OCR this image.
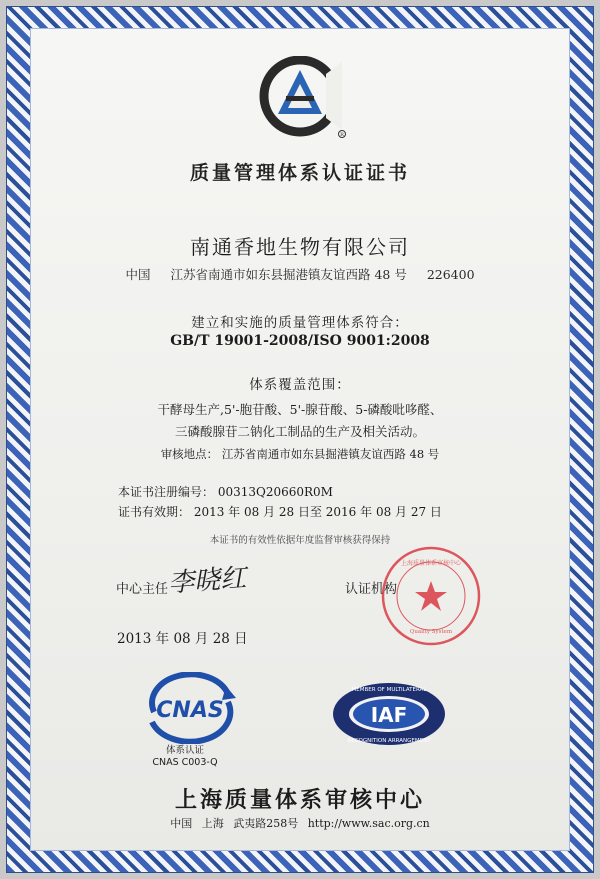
R
质量管理体系认证证书
南通香地生物有限公司
中国 江苏省南通市如东县掘港镇友谊西路 48 号 226400
建立和实施的质量管理体系符合：
GB/T 19001-2008/ISO 9001:2008
体系覆盖范围：
干酵母生产,5'-胞苷酸、5'-腺苷酸、5-磷酸吡哆醛、
三磷酸腺苷二钠化工制品的生产及相关活动。
审核地点： 江苏省南通市如东县掘港镇友谊西路 48 号
本证书注册编号： 00313Q20660R0M
证书有效期： 2013 年 08 月 28 日至 2016 年 08 月 27 日
本证书的有效性依据年度监督审核获得保持
中心主任 李晓红	认证机构
上海质量体系审核中心
Quality System
2013 年 08 月 28 日
CNAS
体系认证
CNAS C003-Q
IAF
MEMBER OF MULTILATERAL
RECOGNITION ARRANGEMENT
上海质量体系审核中心
中国 上海 武夷路258号 http://www.sac.org.cn
